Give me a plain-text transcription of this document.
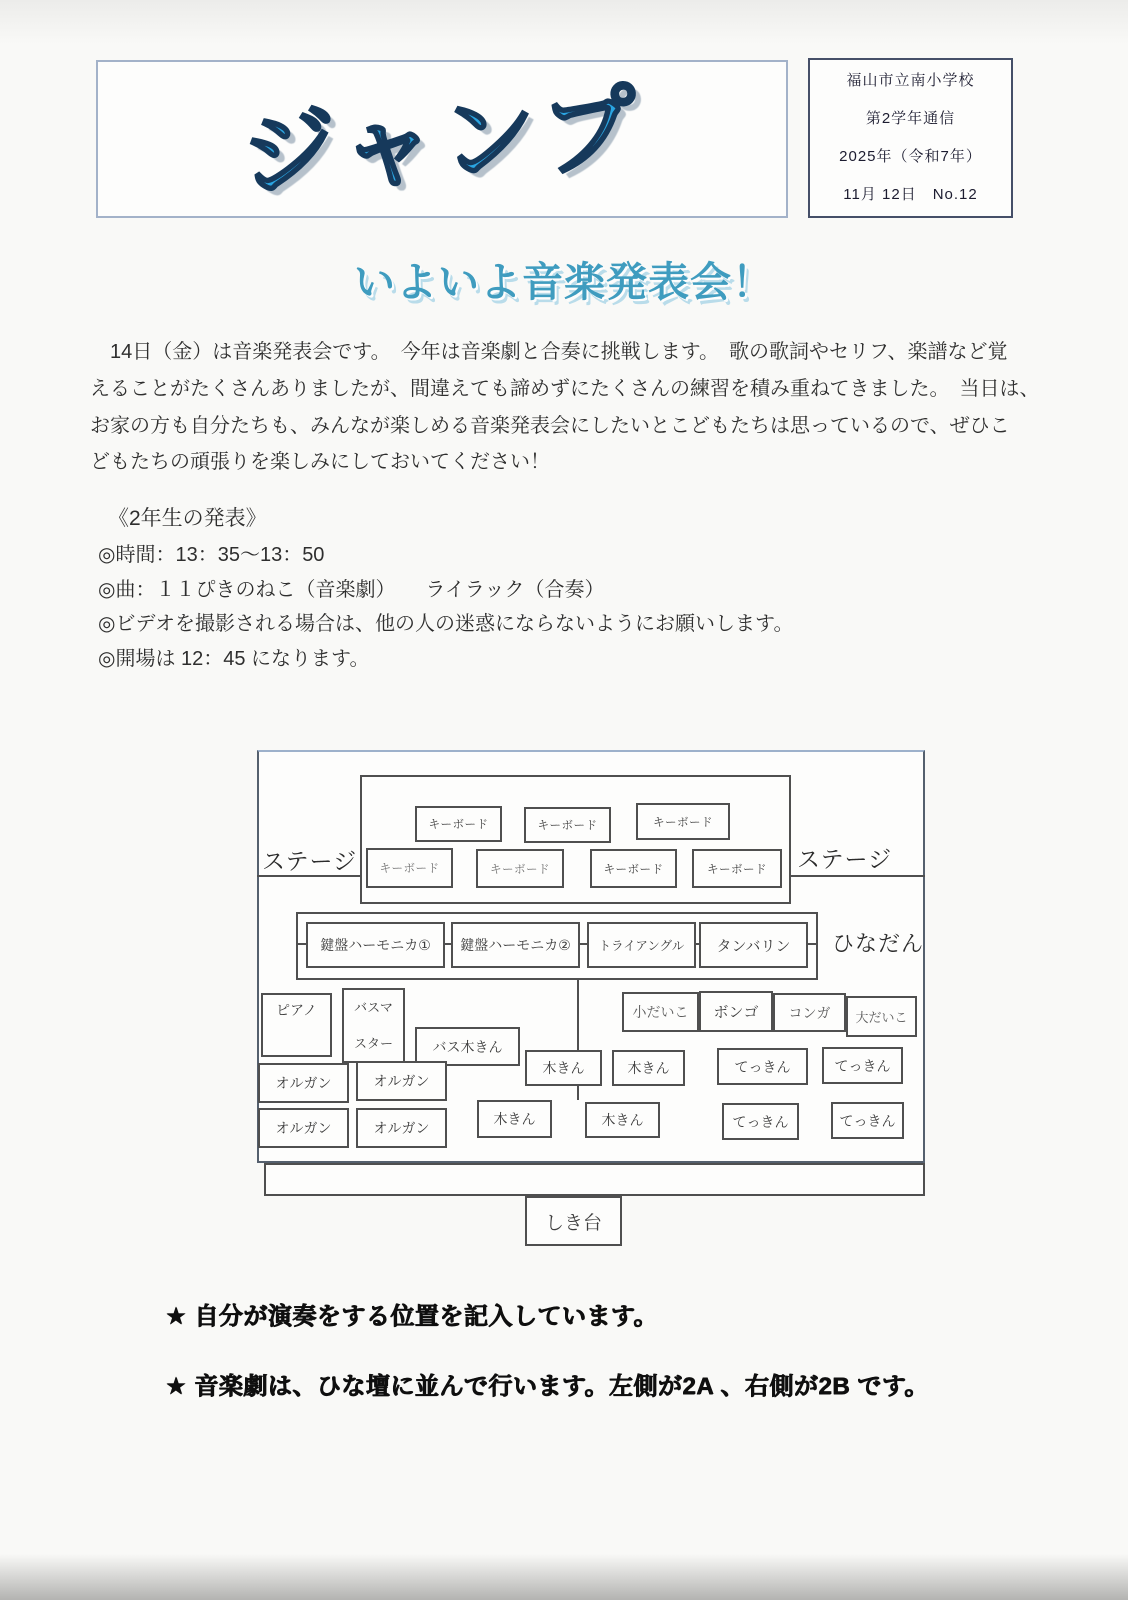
ジャンプ	福山市立南小学校
第2学年通信
2025年（令和7年）
11月 12日　No.12
いよいよ音楽発表会！
　14日（金）は音楽発表会です。　今年は音楽劇と合奏に挑戦します。　歌の歌詞やセリフ、楽譜など覚
えることがたくさんありましたが、間違えても諦めずにたくさんの練習を積み重ねてきました。　当日は、
お家の方も自分たちも、みんなが楽しめる音楽発表会にしたいとこどもたちは思っているので、ぜひこ
どもたちの頑張りを楽しみにしておいてください！
《2年生の発表》
◎時間：13：35～13：50
◎曲：１１ぴきのねこ（音楽劇）　　ライラック（合奏）
◎ビデオを撮影される場合は、他の人の迷惑にならないようにお願いします。
◎開場は 12：45 になります。
キーボード	キーボード	キーボード
キーボード	キーボード	キーボード	キーボード
ステージ	ステージ
鍵盤ハーモニカ①	鍵盤ハーモニカ②	トライアングル	タンバリン	ひなだん
ピアノ	バスマ
スター	バス木きん
オルガン	オルガン
オルガン	オルガン
小だいこ	ボンゴ	コンガ	大だいこ
木きん	木きん	てっきん	てっきん
木きん	木きん	てっきん	てっきん
しき台
★ 自分が演奏をする位置を記入しています。
★ 音楽劇は、ひな壇に並んで行います。左側が2A 、右側が2B です。
